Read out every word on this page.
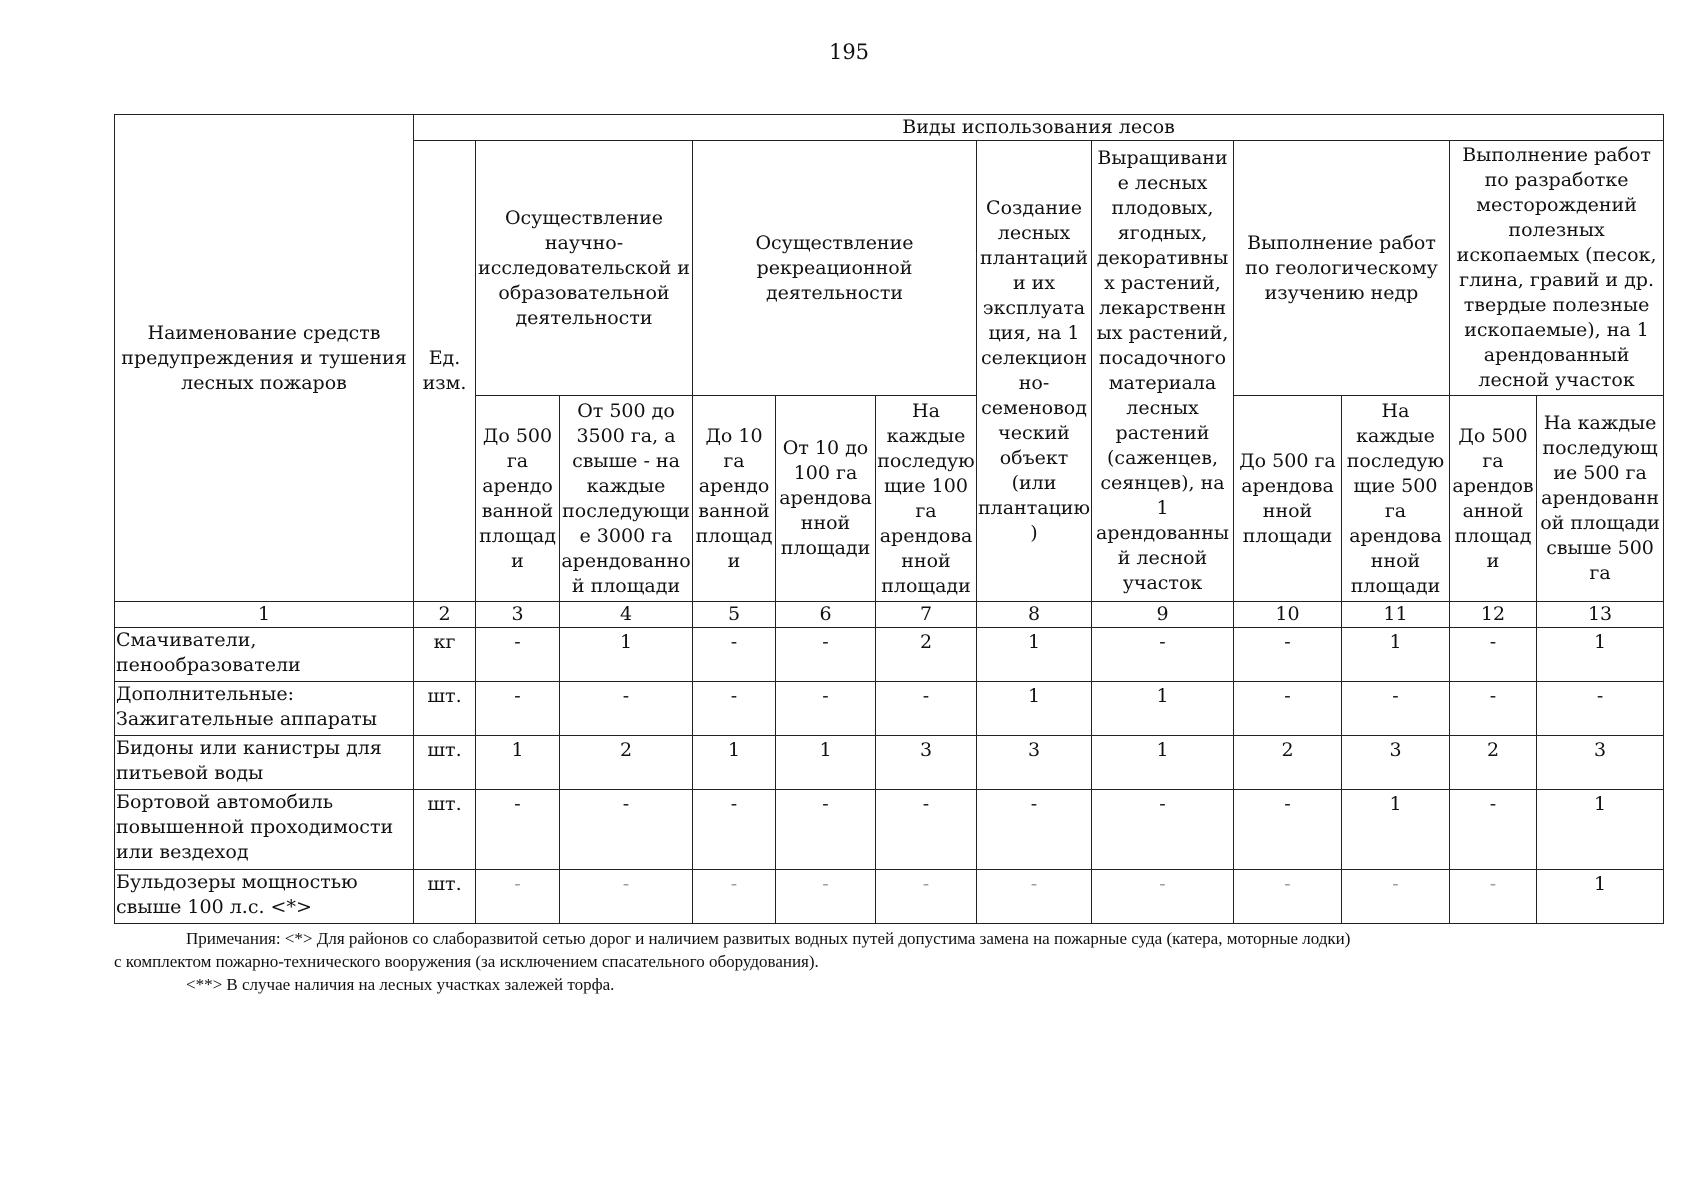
195
Наименование средств предупреждения и тушения лесных пожаров	Виды использования лесов											
	Ед. изм.	Осуществление научно-исследовательской и образовательной деятельности		Осуществление рекреационной деятельности			Создание лесных плантаций и их эксплуатация, на 1 селекционно-семеноводческий объект (или плантацию)	Выращивание лесных плодовых, ягодных, декоративных растений, лекарственных растений, посадочного материала лесных растений (саженцев, сеянцев), на 1 арендованный лесной участок	Выполнение работ по геологическому изучению недр		Выполнение работ по разработке месторождений полезных ископаемых (песок, глина, гравий и др. твердые полезные ископаемые), на 1 арендованный лесной участок	
		До 500 га арендованной площади	От 500 до 3500 га, а свыше - на каждые последующие 3000 га арендованной площади	До 10 га арендованной площади	От 10 до 100 га арендованной площади	На каждые последующие 100 га арендованной площади			До 500 га арендованной площади	На каждые последующие 500 га арендованной площади	До 500 га арендованной площади	На каждые последующие 500 га арендованной площади свыше 500 га
1	2	3	4	5	6	7	8	9	10	11	12	13
Смачиватели, пенообразователи	кг	-	1	-	-	2	1	-	-	1	-	1
Дополнительные: Зажигательные аппараты	шт.	-	-	-	-	-	1	1	-	-	-	-
Бидоны или канистры для питьевой воды	шт.	1	2	1	1	3	3	1	2	3	2	3
Бортовой автомобиль повышенной проходимости или вездеход	шт.	-	-	-	-	-	-	-	-	1	-	1
Бульдозеры мощностью свыше 100 л.с. <*>	шт.	-	-	-	-	-	-	-	-	-	-	1

Примечания: <*> Для районов со слаборазвитой сетью дорог и наличием развитых водных путей допустима замена на пожарные суда (катера, моторные лодки)

с комплектом пожарно-технического вооружения (за исключением спасательного оборудования).

<**> В случае наличия на лесных участках залежей торфа.
